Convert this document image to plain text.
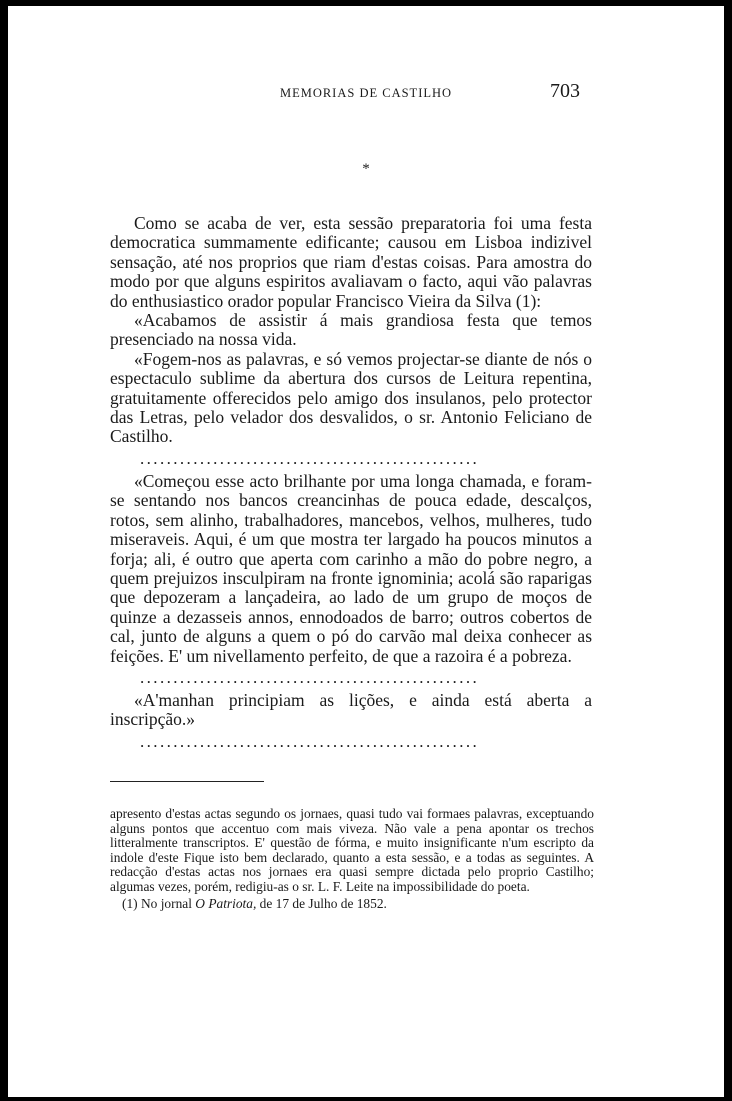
MEMORIAS DE CASTILHO	703
*

Como se acaba de ver, esta sessão preparatoria foi uma festa democratica summamente edificante; causou em Lisboa indizivel sensação, até nos proprios que riam d'estas coisas. Para amostra do modo por que alguns espiritos avaliavam o facto, aqui vão palavras do enthusiastico orador popular Francisco Vieira da Silva (1):

«Acabamos de assistir á mais grandiosa festa que temos presenciado na nossa vida.

«Fogem-nos as palavras, e só vemos projectar-se diante de nós o espectaculo sublime da abertura dos cursos de Leitura repentina, gratuitamente offerecidos pelo amigo dos insulanos, pelo protector das Letras, pelo velador dos desvalidos, o sr. Antonio Feliciano de Castilho.

...................................................

«Começou esse acto brilhante por uma longa chamada, e foram-se sentando nos bancos creancinhas de pouca edade, descalços, rotos, sem alinho, trabalhadores, mancebos, velhos, mulheres, tudo miseraveis. Aqui, é um que mostra ter largado ha poucos minutos a forja; ali, é outro que aperta com carinho a mão do pobre negro, a quem prejuizos insculpiram na fronte ignominia; acolá são raparigas que depozeram a lançadeira, ao lado de um grupo de moços de quinze a dezasseis annos, ennodoados de barro; outros cobertos de cal, junto de alguns a quem o pó do carvão mal deixa conhecer as feições. E' um nivellamento perfeito, de que a razoira é a pobreza.

...................................................

«A'manhan principiam as lições, e ainda está aberta a inscripção.»

...................................................

apresento d'estas actas segundo os jornaes, quasi tudo vai formaes palavras, exceptuando alguns pontos que accentuo com mais viveza. Não vale a pena apontar os trechos litteralmente transcriptos. E' questão de fórma, e muito insignificante n'um escripto da indole d'este Fique isto bem declarado, quanto a esta sessão, e a todas as seguintes. A redacção d'estas actas nos jornaes era quasi sempre dictada pelo proprio Castilho; algumas vezes, porém, redigiu-as o sr. L. F. Leite na impossibilidade do poeta.

(1) No jornal O Patriota, de 17 de Julho de 1852.
